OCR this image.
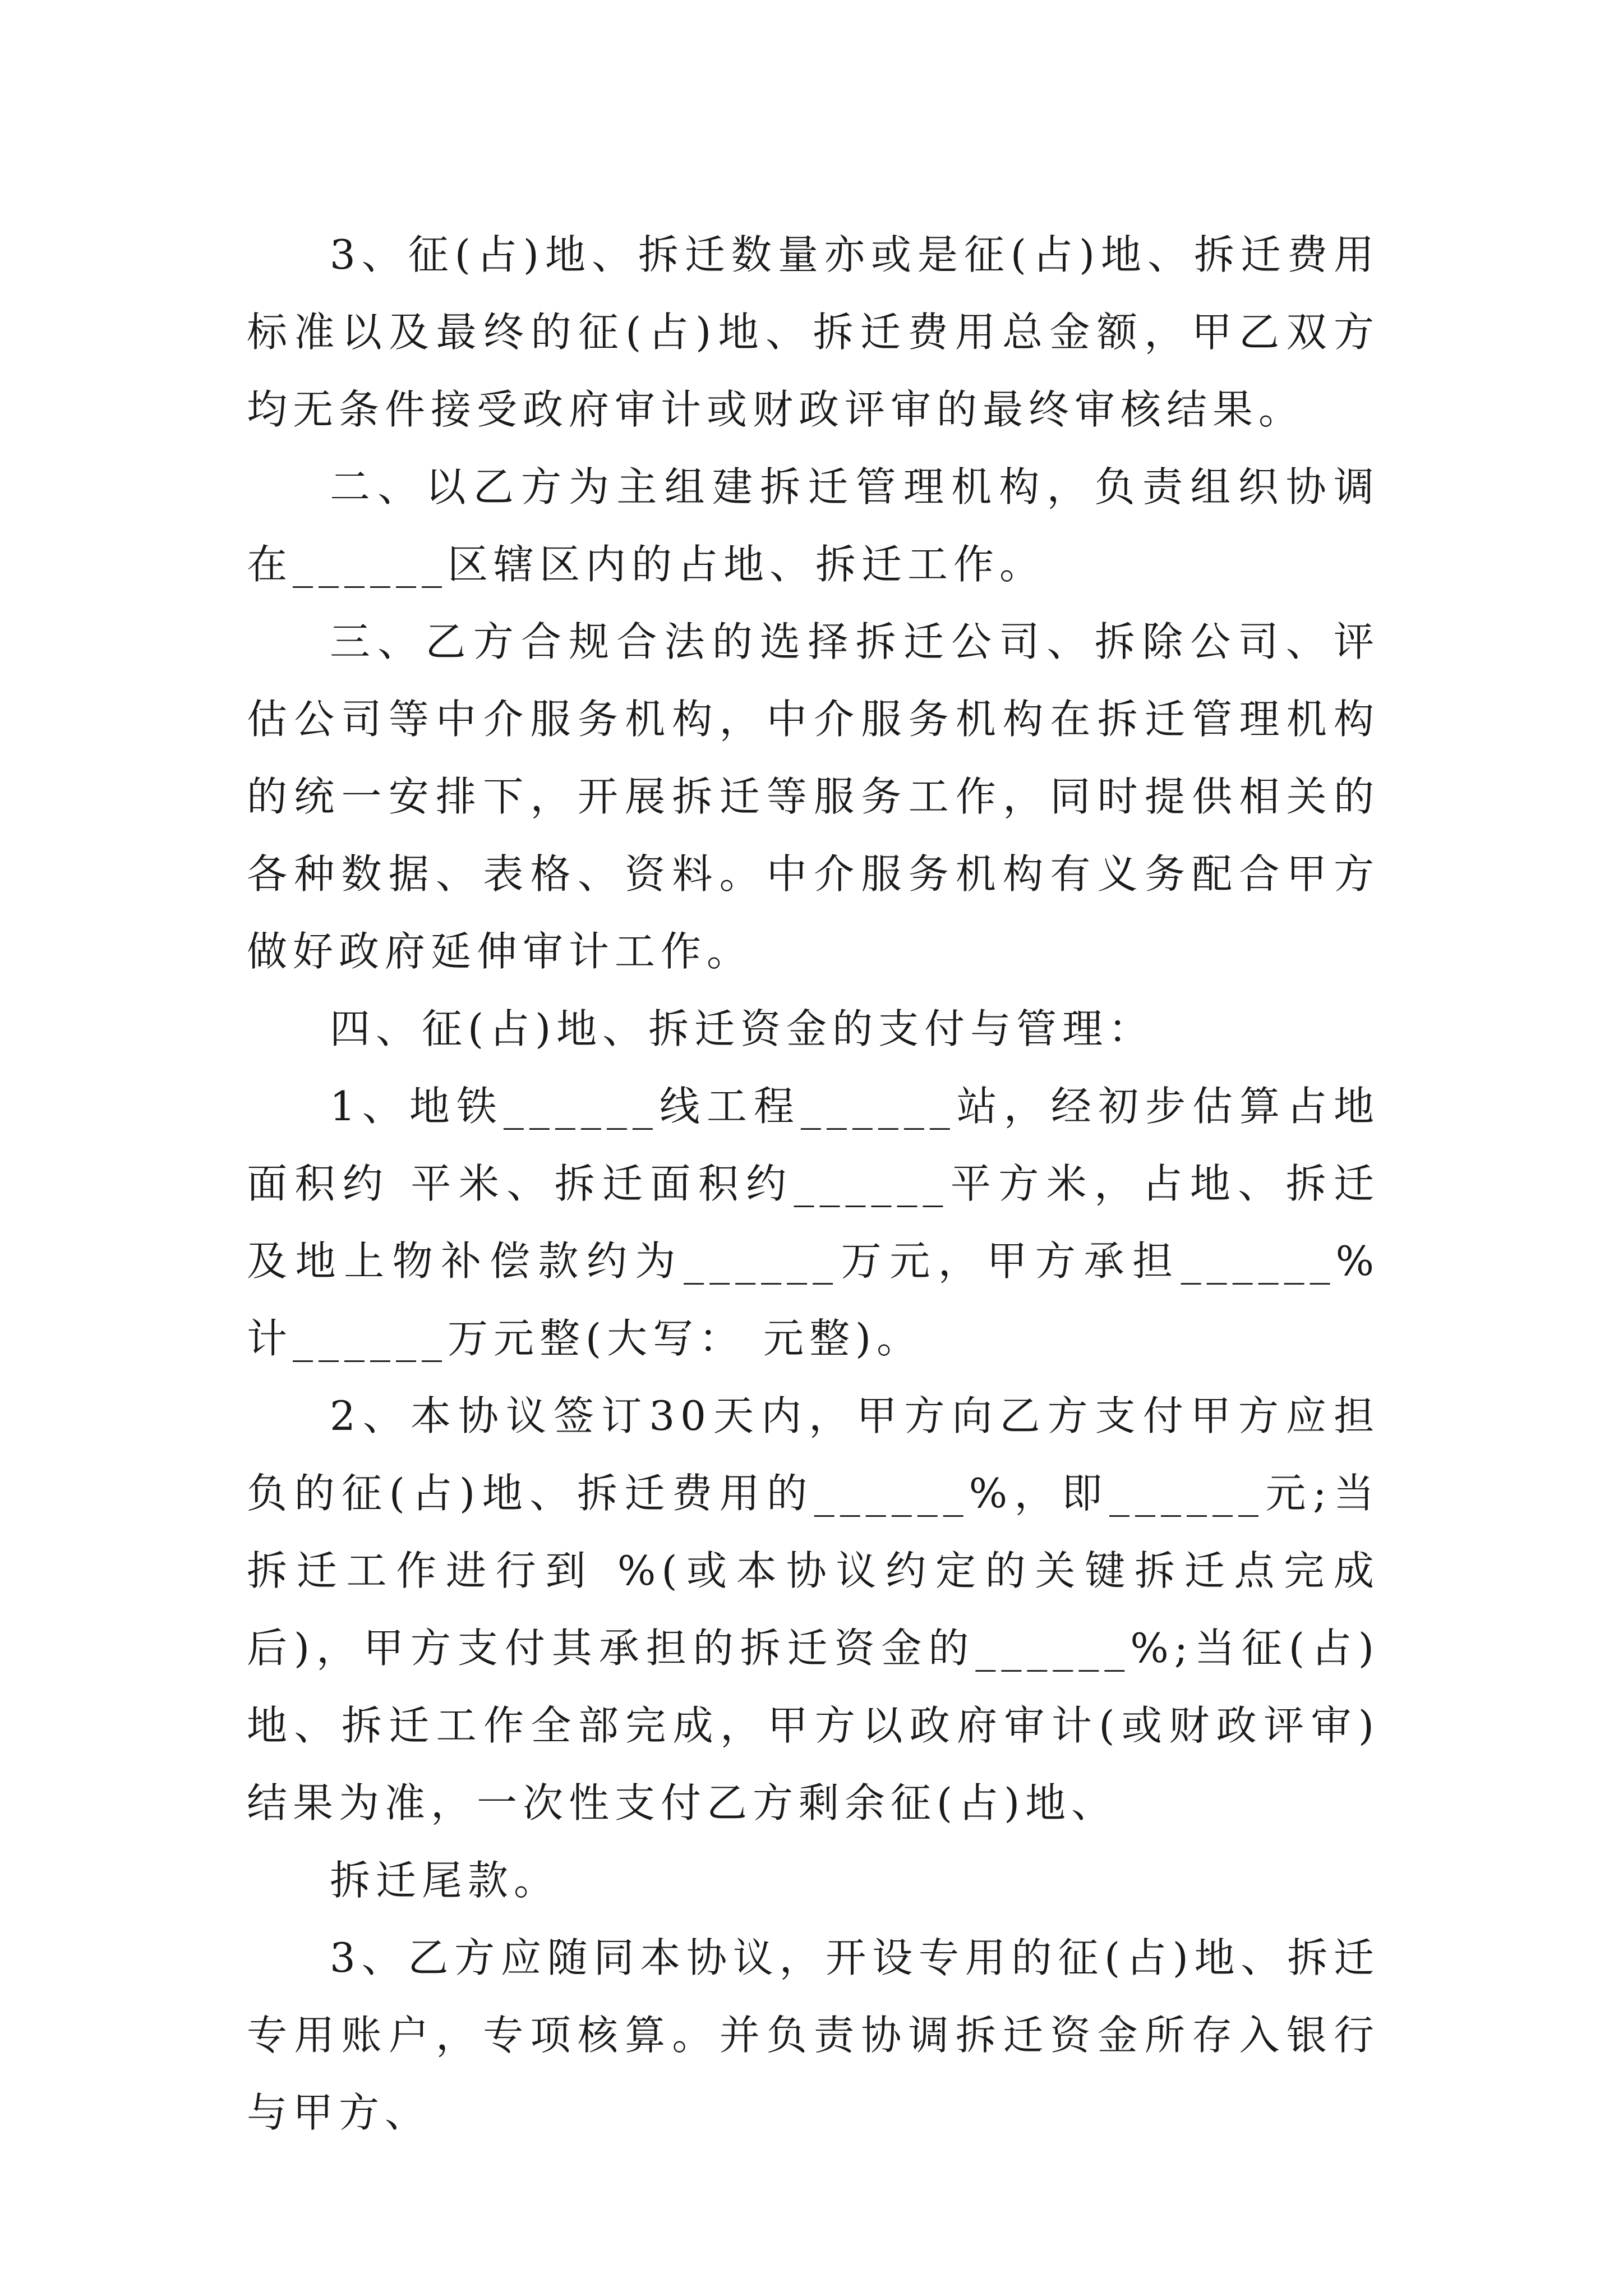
3、征(占)地、拆迁数量亦或是征(占)地、拆迁费用标准以及最终的征(占)地、拆迁费用总金额，甲乙双方均无条件接受政府审计或财政评审的最终审核结果。

二、以乙方为主组建拆迁管理机构，负责组织协调在______区辖区内的占地、拆迁工作。

三、乙方合规合法的选择拆迁公司、拆除公司、评估公司等中介服务机构，中介服务机构在拆迁管理机构的统一安排下，开展拆迁等服务工作，同时提供相关的各种数据、表格、资料。中介服务机构有义务配合甲方做好政府延伸审计工作。

四、征(占)地、拆迁资金的支付与管理：

1、地铁______线工程______站，经初步估算占地面积约 平米、拆迁面积约______平方米，占地、拆迁及地上物补偿款约为______万元，甲方承担______%计______万元整(大写： 元整)。

2、本协议签订30天内，甲方向乙方支付甲方应担负的征(占)地、拆迁费用的______%，即______元;当拆迁工作进行到 %(或本协议约定的关键拆迁点完成后)，甲方支付其承担的拆迁资金的______%;当征(占)地、拆迁工作全部完成，甲方以政府审计(或财政评审)结果为准，一次性支付乙方剩余征(占)地、

拆迁尾款。

3、乙方应随同本协议，开设专用的征(占)地、拆迁专用账户，专项核算。并负责协调拆迁资金所存入银行与甲方、
